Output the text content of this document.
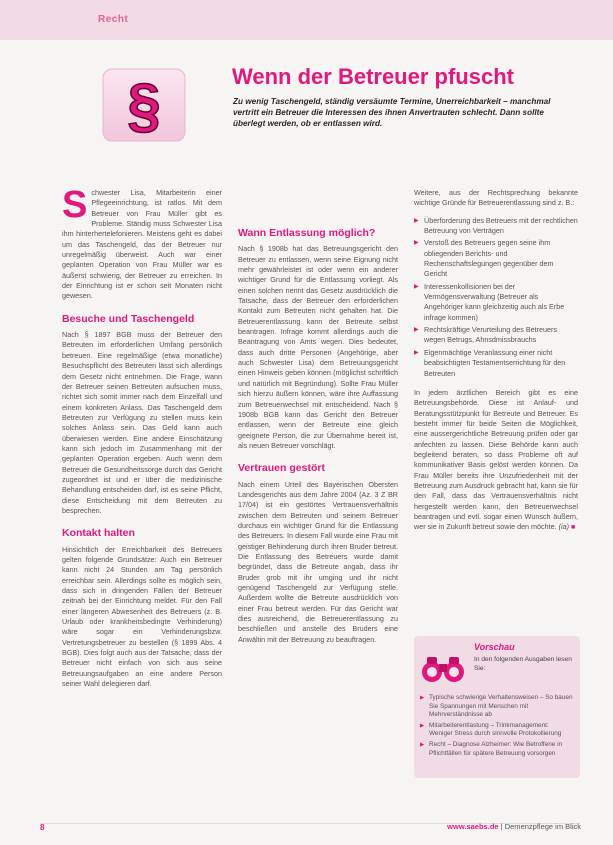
Recht
§	Wenn der Betreuer pfuscht
Zu wenig Taschengeld, ständig versäumte Termine, Unerreichbarkeit – manchmal vertritt ein Betreuer die Interessen des ihnen Anvertrauten schlecht. Dann sollte überlegt werden, ob er entlassen wird.

Schwester Lisa, Mitarbeiterin einer Pflegeeinrichtung, ist ratlos. Mit dem Betreuer von Frau Müller gibt es Probleme. Ständig muss Schwester Lisa ihm hinterhertelefonieren. Meistens geht es dabei um das Taschengeld, das der Betreuer nur unregelmäßig überweist. Auch war einer geplanten Operation von Frau Müller war es äußerst schwierig, der Betreuer zu erreichen. In der Einrichtung ist er schon seit Monaten nicht gewesen.

Besuche und Taschengeld

Nach § 1897 BGB muss der Betreuer den Betreuten im erforderlichen Umfang persönlich betreuen. Eine regelmäßige (etwa monatliche) Besuchspflicht des Betreuten lässt sich allerdings dem Gesetz nicht entnehmen. Die Frage, wann der Betreuer seinen Betreuten aufsuchen muss, richtet sich somit immer nach dem Einzelfall und einem konkreten Anlass. Das Taschengeld dem Betreuten zur Verfügung zu stellen muss kein solches Anlass sein. Das Geld kann auch überwiesen werden. Eine andere Einschätzung kann sich jedoch im Zusammenhang mit der geplanten Operation ergeben. Auch wenn dem Betreuer die Gesundheitssorge durch das Gericht zugeordnet ist und er über die medizinische Behandlung entscheiden darf, ist es seine Pflicht, diese Entscheidung mit dem Betreuten zu besprechen.

Kontakt halten

Hinsichtlich der Erreichbarkeit des Betreuers gelten folgende Grundsätze: Auch ein Betreuer kann nicht 24 Stunden am Tag persönlich erreichbar sein. Allerdings sollte es möglich sein, dass sich in dringenden Fällen der Betreuer zeitnah bei der Einrichtung meldet. Für den Fall einer längeren Abwesenheit des Betreuers (z. B. Urlaub oder krankheitsbedingte Verhinderung) wäre sogar ein Verhinderungsbzw. Vertretungsbetreuer zu bestellen (§ 1899 Abs. 4 BGB). Dies folgt auch aus der Tatsache, dass der Betreuer nicht einfach von sich aus seine Betreuungsaufgaben an eine andere Person seiner Wahl delegieren darf.

Wann Entlassung möglich?

Nach § 1908b hat das Betreuungsgericht den Betreuer zu entlassen, wenn seine Eignung nicht mehr gewährleistet ist oder wenn ein anderer wichtiger Grund für die Entlassung vorliegt. Als einen solchen nennt das Gesetz ausdrücklich die Tatsache, dass der Betreuer den erforderlichen Kontakt zum Betreuten nicht gehalten hat. Die Betreuerentlassung kann der Betreute selbst beantragen. Infrage kommt allerdings auch die Beantragung von Amts wegen. Dies bedeutet, dass auch dritte Personen (Angehörige, aber auch Schwester Lisa) dem Betreuungsgericht einen Hinweis geben können (möglichst schriftlich und natürlich mit Begründung). Sollte Frau Müller sich hierzu äußern können, wäre ihre Auffassung zum Betreuerwechsel mit entscheidend. Nach § 1908b BGB kann das Gericht den Betreuer entlassen, wenn der Betreute eine gleich geeignete Person, die zur Übernahme bereit ist, als neuen Betreuer vorschlägt.

Vertrauen gestört

Nach einem Urteil des Bayerischen Obersten Landesgerichts aus dem Jahre 2004 (Az. 3 Z BR 17/04) ist ein gestörtes Vertrauensverhältnis zwischen dem Betreuten und seinem Betreuer durchaus ein wichtiger Grund für die Entlassung des Betreuers. In diesem Fall wurde eine Frau mit geistiger Behinderung durch ihren Bruder betreut. Die Entlassung des Betreuers wurde damit begründet, dass die Betreute angab, dass ihr Bruder grob mit ihr umging und ihr nicht genügend Taschengeld zur Verfügung stelle. Außerdem wollte die Betreute ausdrücklich von einer Frau betreut werden. Für das Gericht war dies ausreichend, die Betreuerentlassung zu beschließen und anstelle des Bruders eine Anwältin mit der Betreuung zu beauftragen.

Weitere, aus der Rechtsprechung bekannte wichtige Gründe für Betreuerentlassung sind z. B.:

▶ Überforderung des Betreuers mit der rechtlichen Betreuung von Verträgen
▶ Verstoß des Betreuers gegen seine ihm obliegenden Berichts- und Rechenschaftslegungen gegenüber dem Gericht
▶ Interessenkollisionen bei der Vermögensverwaltung (Betreuer als Angehöriger kann gleichzeitig auch als Erbe infrage kommen)
▶ Rechtskräftige Verurteilung des Betreuers wegen Betrugs, Ahnsdmissbrauchs
▶ Eigenmächtige Veranlassung einer nicht beabsichtigten Testamentserrichtung für den Betreuten

In jedem ärztlichen Bereich gibt es eine Betreuungsbehörde. Diese ist Anlauf- und Beratungsstützpunkt für Betreute und Betreuer. Es besteht immer für beide Seiten die Möglichkeit, eine aussergerichtliche Betreuung prüfen oder gar anfechten zu lassen. Diese Behörde kann auch begleitend beraten, so dass Probleme oft auf kommunikativer Basis gelöst werden können. Da Frau Müller bereits ihre Unzufriedenheit mit der Betreuung zum Ausdruck gebracht hat, kann sie für den Fall, dass das Vertrauensverhältnis nicht hergestellt werden kann, den Betreuerwechsel beantragen und evtl. sogar einen Wunsch äußern, wer sie in Zukunft betreut sowie den möchte. (ia) ■

Vorschau
In den folgenden Ausgaben lesen Sie:
▶ Typische schwierige Verhaltensweisen – So bauen Sie Spannungen mit Menschen mit Mehrverständnisse ab
▶ Mitarbeiterentlastung – Trinkmanagement: Weniger Stress durch sinnvolle Protokollierung
▶ Recht – Diagnose Alzheimer: Wie Betroffene in Pflichtfällen für spätere Betreuung vorsorgen
8	www.saebs.de | Demenzpflege im Blick
